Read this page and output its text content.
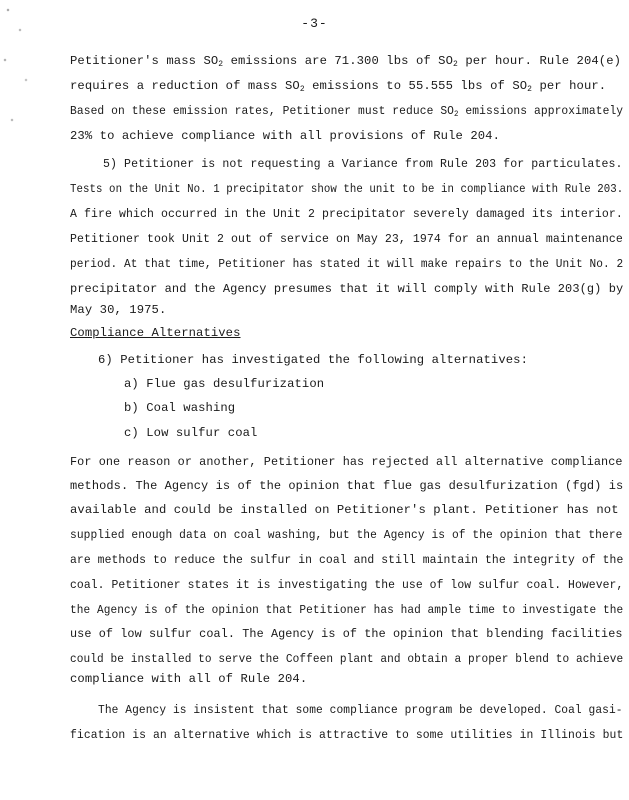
-3-
Petitioner's mass $SO_2$ emissions are 71.300 lbs of $SO_2$ per hour. Rule 204(e)
requires a reduction of mass $SO_2$ emissions to 55.555 lbs of $SO_2$ per hour.
Based on these emission rates, Petitioner must reduce $SO_2$ emissions approximately
23% to achieve compliance with all provisions of Rule 204.
5) Petitioner is not requesting a Variance from Rule 203 for particulates.
Tests on the Unit No. 1 precipitator show the unit to be in compliance with Rule 203.
A fire which occurred in the Unit 2 precipitator severely damaged its interior.
Petitioner took Unit 2 out of service on May 23, 1974 for an annual maintenance
period. At that time, Petitioner has stated it will make repairs to the Unit No. 2
precipitator and the Agency presumes that it will comply with Rule 203(g) by
May 30, 1975.
Compliance Alternatives
6) Petitioner has investigated the following alternatives:
a) Flue gas desulfurization
b) Coal washing
c) Low sulfur coal
For one reason or another, Petitioner has rejected all alternative compliance
methods. The Agency is of the opinion that flue gas desulfurization (fgd) is
available and could be installed on Petitioner's plant. Petitioner has not
supplied enough data on coal washing, but the Agency is of the opinion that there
are methods to reduce the sulfur in coal and still maintain the integrity of the
coal. Petitioner states it is investigating the use of low sulfur coal. However,
the Agency is of the opinion that Petitioner has had ample time to investigate the
use of low sulfur coal. The Agency is of the opinion that blending facilities
could be installed to serve the Coffeen plant and obtain a proper blend to achieve
compliance with all of Rule 204.
The Agency is insistent that some compliance program be developed. Coal gasi-
fication is an alternative which is attractive to some utilities in Illinois but
